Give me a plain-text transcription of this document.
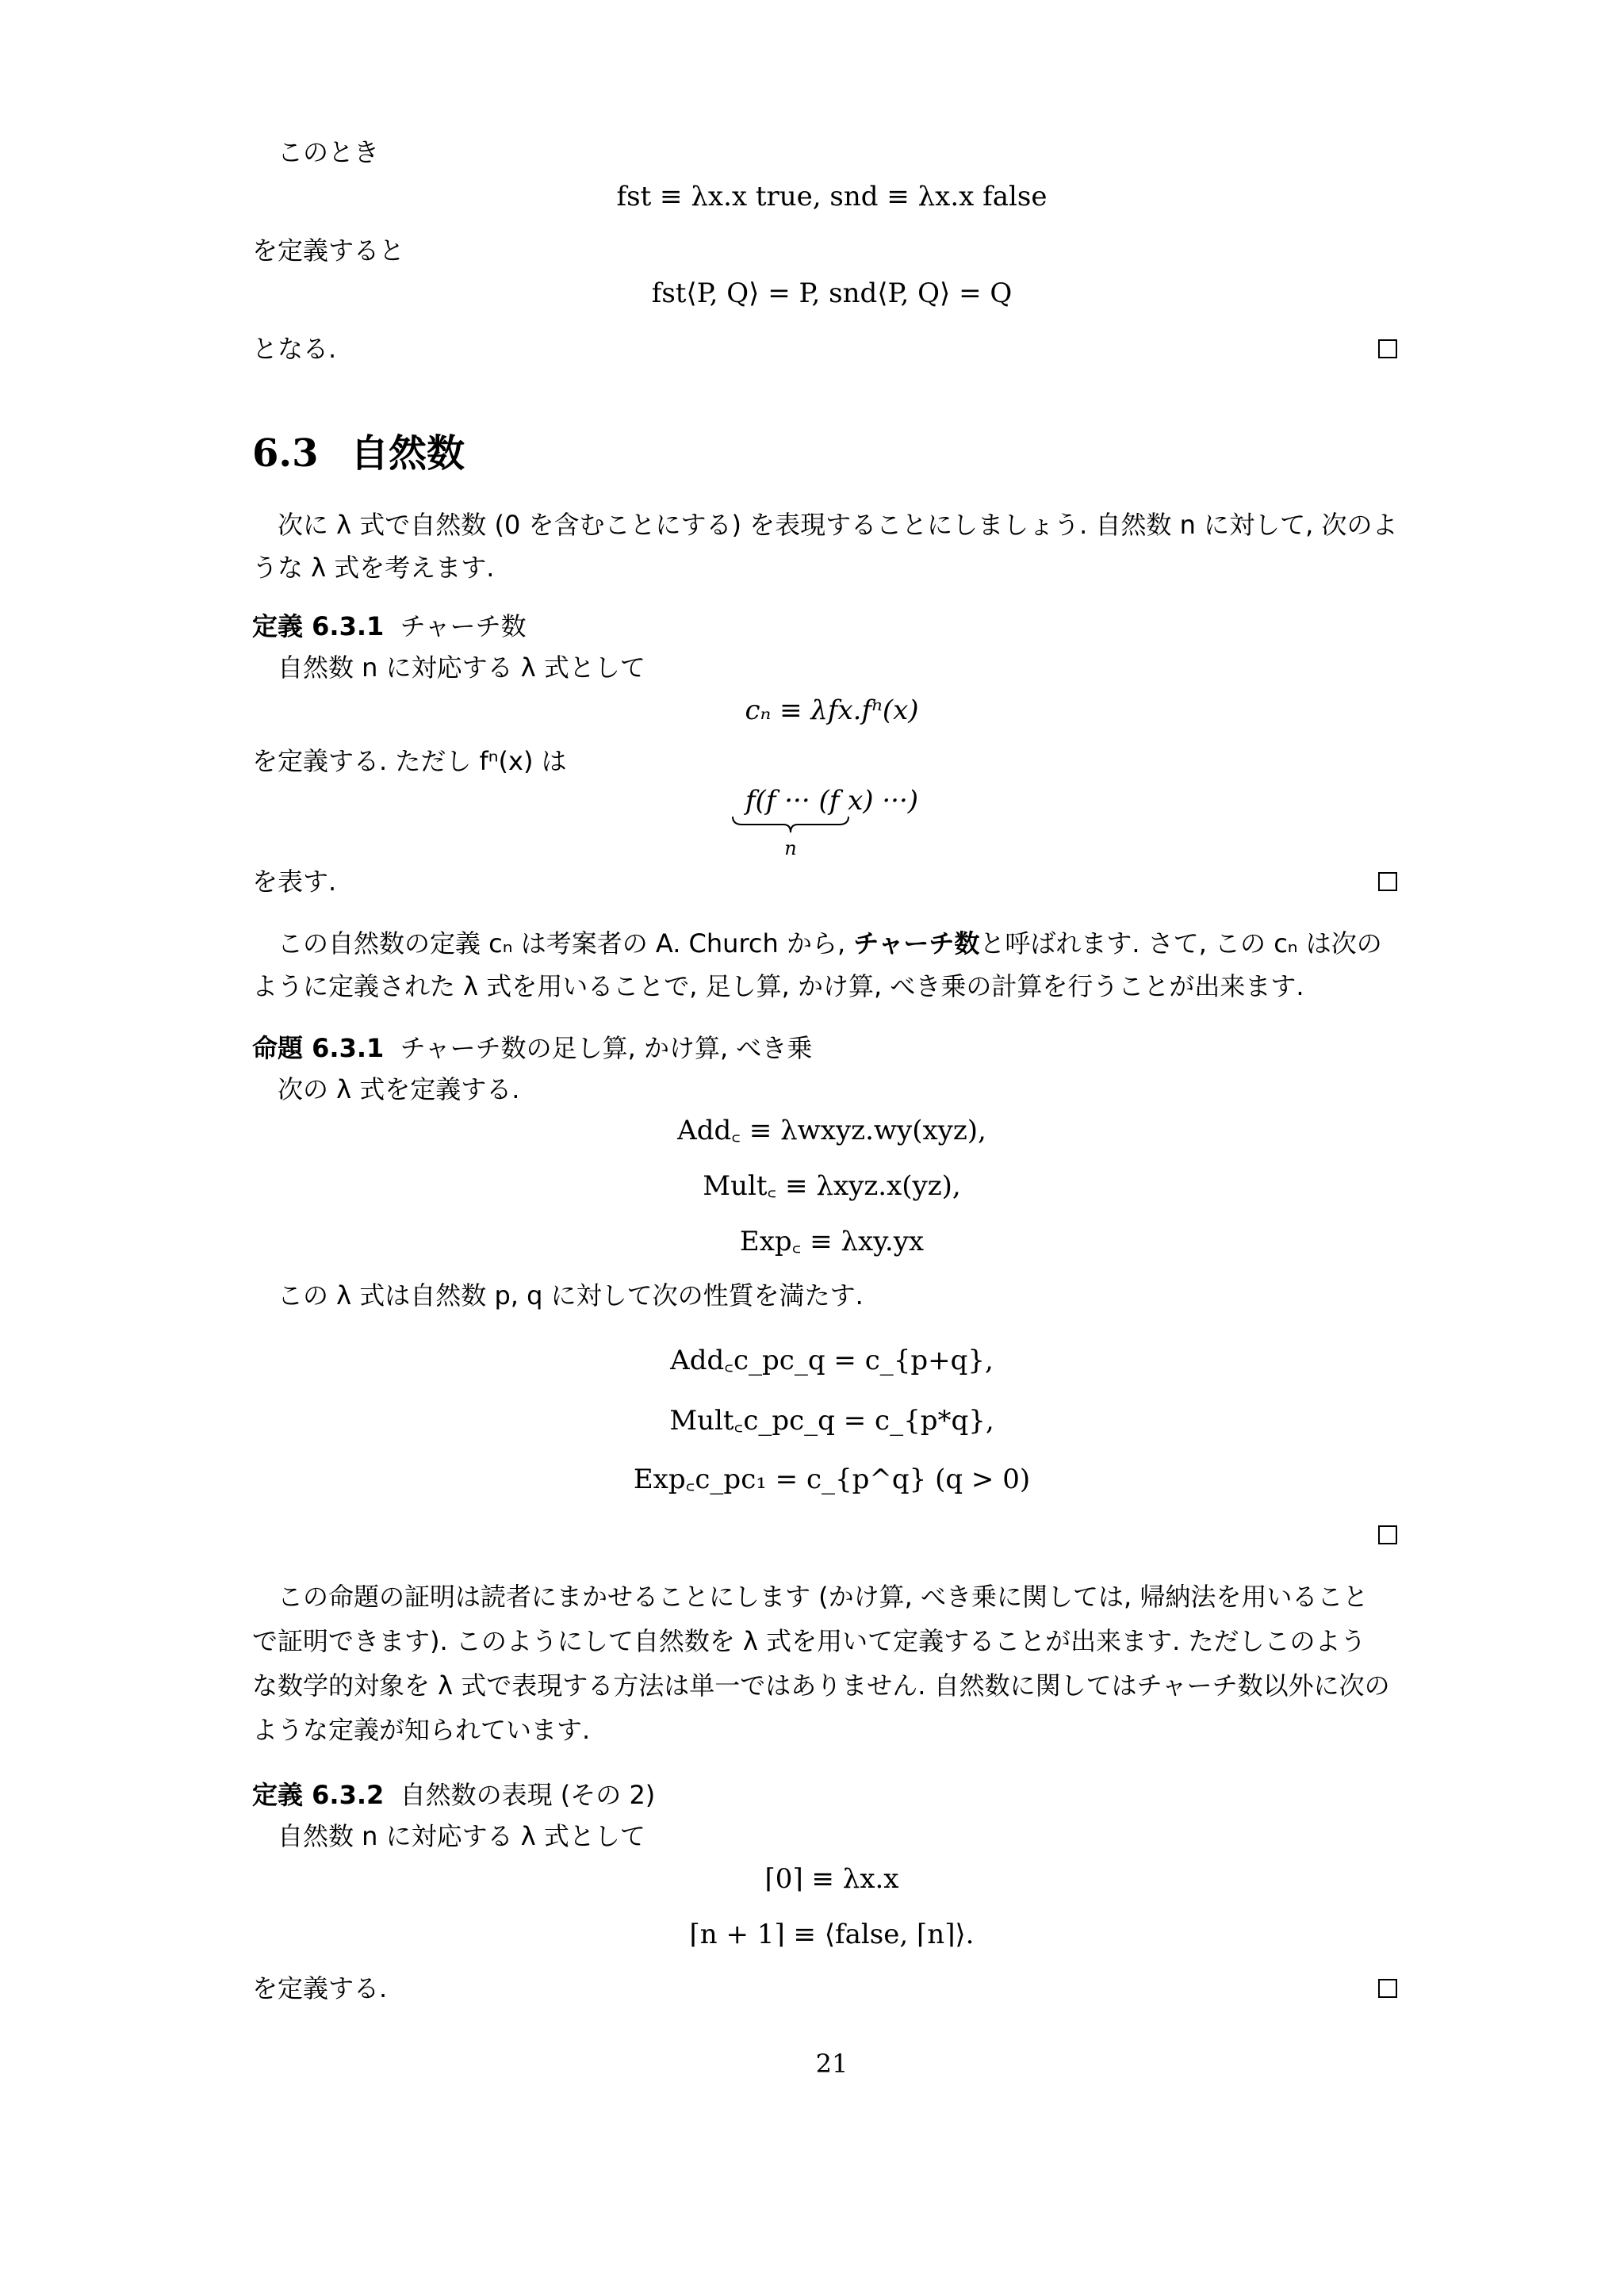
このとき
fst ≡ λx.x true, snd ≡ λx.x false
を定義すると
fst⟨P, Q⟩ = P, snd⟨P, Q⟩ = Q
となる.
6.3 自然数
次に λ 式で自然数 (0 を含むことにする) を表現することにしましょう. 自然数 n に対して, 次のよ
うな λ 式を考えます.
定義 6.3.1 チャーチ数
自然数 n に対応する λ 式として
cₙ ≡ λfx.fⁿ(x)
を定義する. ただし fⁿ(x) は
f(f ··· (f x) ···)
n
を表す.
この自然数の定義 cₙ は考案者の A. Church から, チャーチ数と呼ばれます. さて, この cₙ は次の
ように定義された λ 式を用いることで, 足し算, かけ算, べき乗の計算を行うことが出来ます.
命題 6.3.1 チャーチ数の足し算, かけ算, べき乗
次の λ 式を定義する.
Add꜀ ≡ λwxyz.wy(xyz),
Mult꜀ ≡ λxyz.x(yz),
Exp꜀ ≡ λxy.yx
この λ 式は自然数 p, q に対して次の性質を満たす.
Add꜀c_pc_q = c_{p+q},
Mult꜀c_pc_q = c_{p*q},
Exp꜀c_pc₁ = c_{p^q} (q > 0)
この命題の証明は読者にまかせることにします (かけ算, べき乗に関しては, 帰納法を用いること
で証明できます). このようにして自然数を λ 式を用いて定義することが出来ます. ただしこのよう
な数学的対象を λ 式で表現する方法は単一ではありません. 自然数に関してはチャーチ数以外に次の
ような定義が知られています.
定義 6.3.2 自然数の表現 (その 2)
自然数 n に対応する λ 式として
⌈0⌉ ≡ λx.x
⌈n + 1⌉ ≡ ⟨false, ⌈n⌉⟩.
を定義する.
21
